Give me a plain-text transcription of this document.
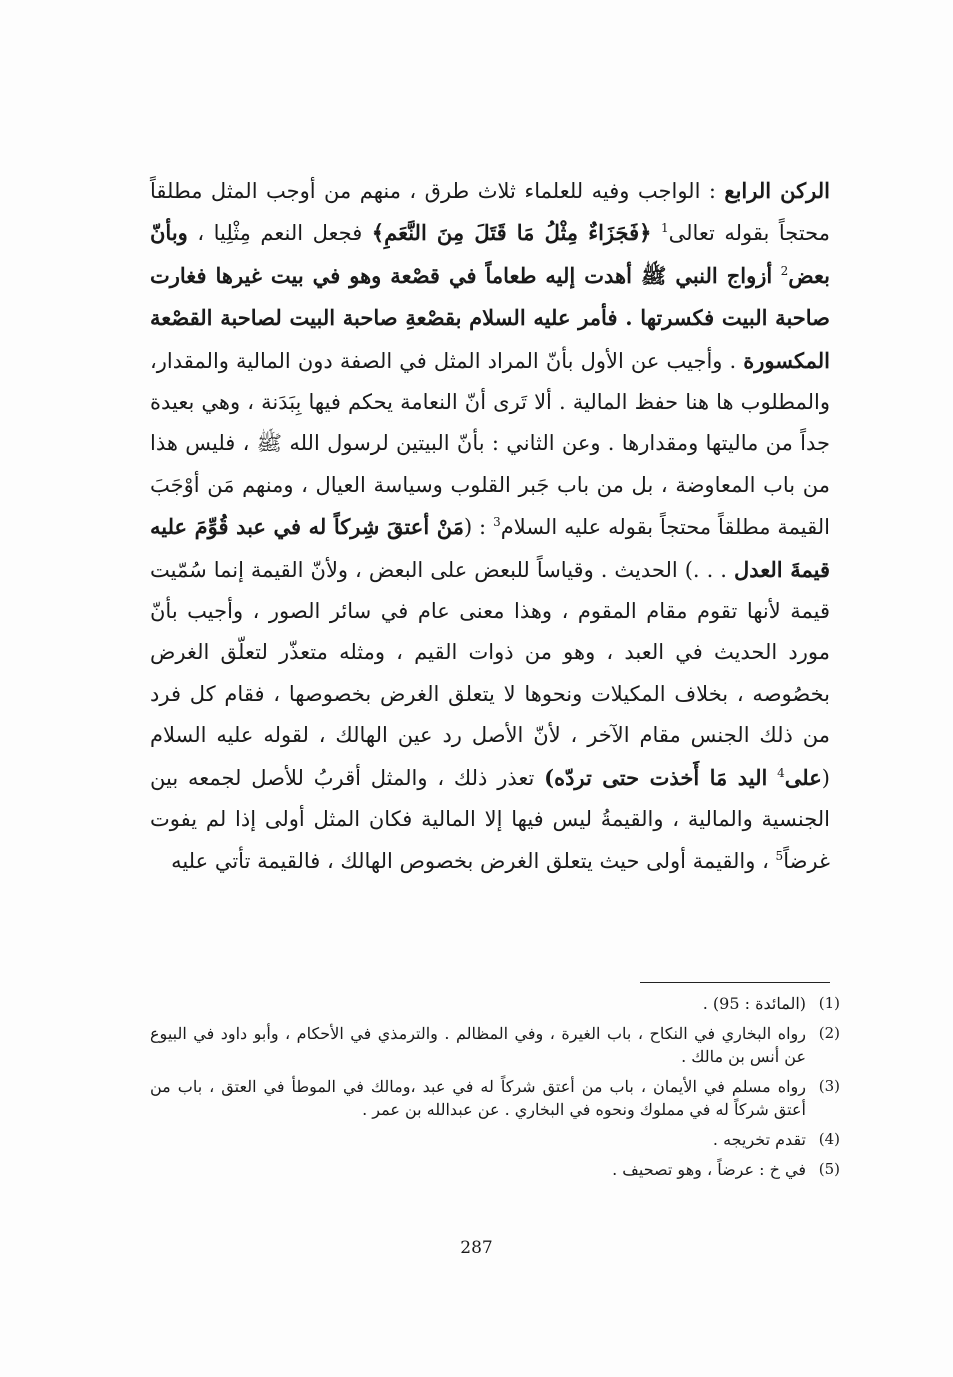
الركن الرابع : الواجب وفيه للعلماء ثلاث طرق ، منهم من أوجب المثل مطلقاً محتجاً بقوله تعالى$^1$ ﴿فَجَزَاءٌ مِثْلُ مَا قَتَلَ مِنَ النَّعَمِ﴾ فجعل النعم مِثْلِيا ، وبأنّ بعض$^2$ أزواج النبي ﷺ أهدت إليه طعاماً في قصْعة وهو في بيت غيرها فغارت صاحبة البيت فكسرتها . فأمر عليه السلام بقصْعةِ صاحبة البيت لصاحبة القصْعة المكسورة . وأجيب عن الأول بأنّ المراد المثل في الصفة دون المالية والمقدار، والمطلوب ها هنا حفظ المالية . ألا تَرى أنّ النعامة يحكم فيها بِبَدَنة ، وهي بعيدة جداً من ماليتها ومقدارها . وعن الثاني : بأنّ البيتين لرسول الله ﷺ ، فليس هذا من باب المعاوضة ، بل من باب جَبر القلوب وسياسة العيال ، ومنهم مَن أوْجَبَ القيمة مطلقاً محتجاً بقوله عليه السلام$^3$ : (مَنْ أعتقَ شِركاً له في عبد قُوِّمَ عليه قيمةَ العدل . . .) الحديث . وقياساً للبعض على البعض ، ولأنّ القيمة إنما سُمّيت قيمة لأنها تقوم مقام المقوم ، وهذا معنى عام في سائر الصور ، وأجيب بأنّ مورد الحديث في العبد ، وهو من ذوات القيم ، ومثله متعذّر لتعلّق الغرض بخصُوصه ، بخلاف المكيلات ونحوها لا يتعلق الغرض بخصوصها ، فقام كل فرد من ذلك الجنس مقام الآخر ، لأنّ الأصل رد عين الهالك ، لقوله عليه السلام (على$^4$ اليد مَا أَخذت حتى تردّه) تعذر ذلك ، والمثل أقربُ للأصل لجمعه بين الجنسية والمالية ، والقيمةُ ليس فيها إلا المالية فكان المثل أولى إذا لم يفوت غرضاً$^5$ ، والقيمة أولى حيث يتعلق الغرض بخصوص الهالك ، فالقيمة تأتي عليه

(1)
(المائدة : 95) .
(2)
رواه البخاري في النكاح ، باب الغيرة ، وفي المظالم . والترمذي في الأحكام ، وأبو داود في البيوع عن أنس بن مالك .
(3)
رواه مسلم في الأيمان ، باب من أعتق شركاً له في عبد ،ومالك في الموطأ في العتق ، باب من أعتق شركاً له في مملوك ونحوه في البخاري . عن عبدالله بن عمر .
(4)
تقدم تخريجه .
(5)
في خ : عرضاً ، وهو تصحيف .
287
